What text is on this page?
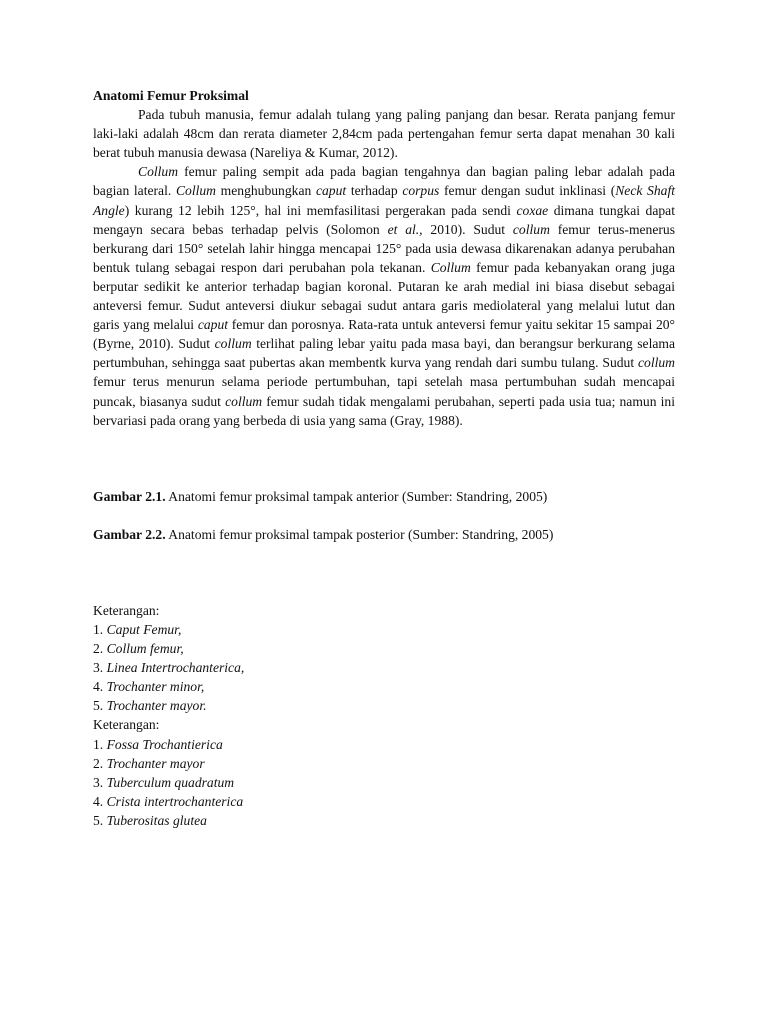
Anatomi Femur Proksimal

Pada tubuh manusia, femur adalah tulang yang paling panjang dan besar. Rerata panjang femur laki-laki adalah 48cm dan rerata diameter 2,84cm pada pertengahan femur serta dapat menahan 30 kali berat tubuh manusia dewasa (Nareliya & Kumar, 2012).

Collum femur paling sempit ada pada bagian tengahnya dan bagian paling lebar adalah pada bagian lateral. Collum menghubungkan caput terhadap corpus femur dengan sudut inklinasi (Neck Shaft Angle) kurang 12 lebih 125°, hal ini memfasilitasi pergerakan pada sendi coxae dimana tungkai dapat mengayn secara bebas terhadap pelvis (Solomon et al., 2010). Sudut collum femur terus-menerus berkurang dari 150° setelah lahir hingga mencapai 125° pada usia dewasa dikarenakan adanya perubahan bentuk tulang sebagai respon dari perubahan pola tekanan. Collum femur pada kebanyakan orang juga berputar sedikit ke anterior terhadap bagian koronal. Putaran ke arah medial ini biasa disebut sebagai anteversi femur. Sudut anteversi diukur sebagai sudut antara garis mediolateral yang melalui lutut dan garis yang melalui caput femur dan porosnya. Rata-rata untuk anteversi femur yaitu sekitar 15 sampai 20° (Byrne, 2010). Sudut collum terlihat paling lebar yaitu pada masa bayi, dan berangsur berkurang selama pertumbuhan, sehingga saat pubertas akan membentk kurva yang rendah dari sumbu tulang. Sudut collum femur terus menurun selama periode pertumbuhan, tapi setelah masa pertumbuhan sudah mencapai puncak, biasanya sudut collum femur sudah tidak mengalami perubahan, seperti pada usia tua; namun ini bervariasi pada orang yang berbeda di usia yang sama (Gray, 1988).

Gambar 2.1. Anatomi femur proksimal tampak anterior (Sumber: Standring, 2005)

Gambar 2.2. Anatomi femur proksimal tampak posterior (Sumber: Standring, 2005)

Keterangan:

1. Caput Femur,
2. Collum femur,
3. Linea Intertrochanterica,
4. Trochanter minor,
5. Trochanter mayor.

Keterangan:

1. Fossa Trochantierica
2. Trochanter mayor
3. Tuberculum quadratum
4. Crista intertrochanterica
5. Tuberositas glutea
